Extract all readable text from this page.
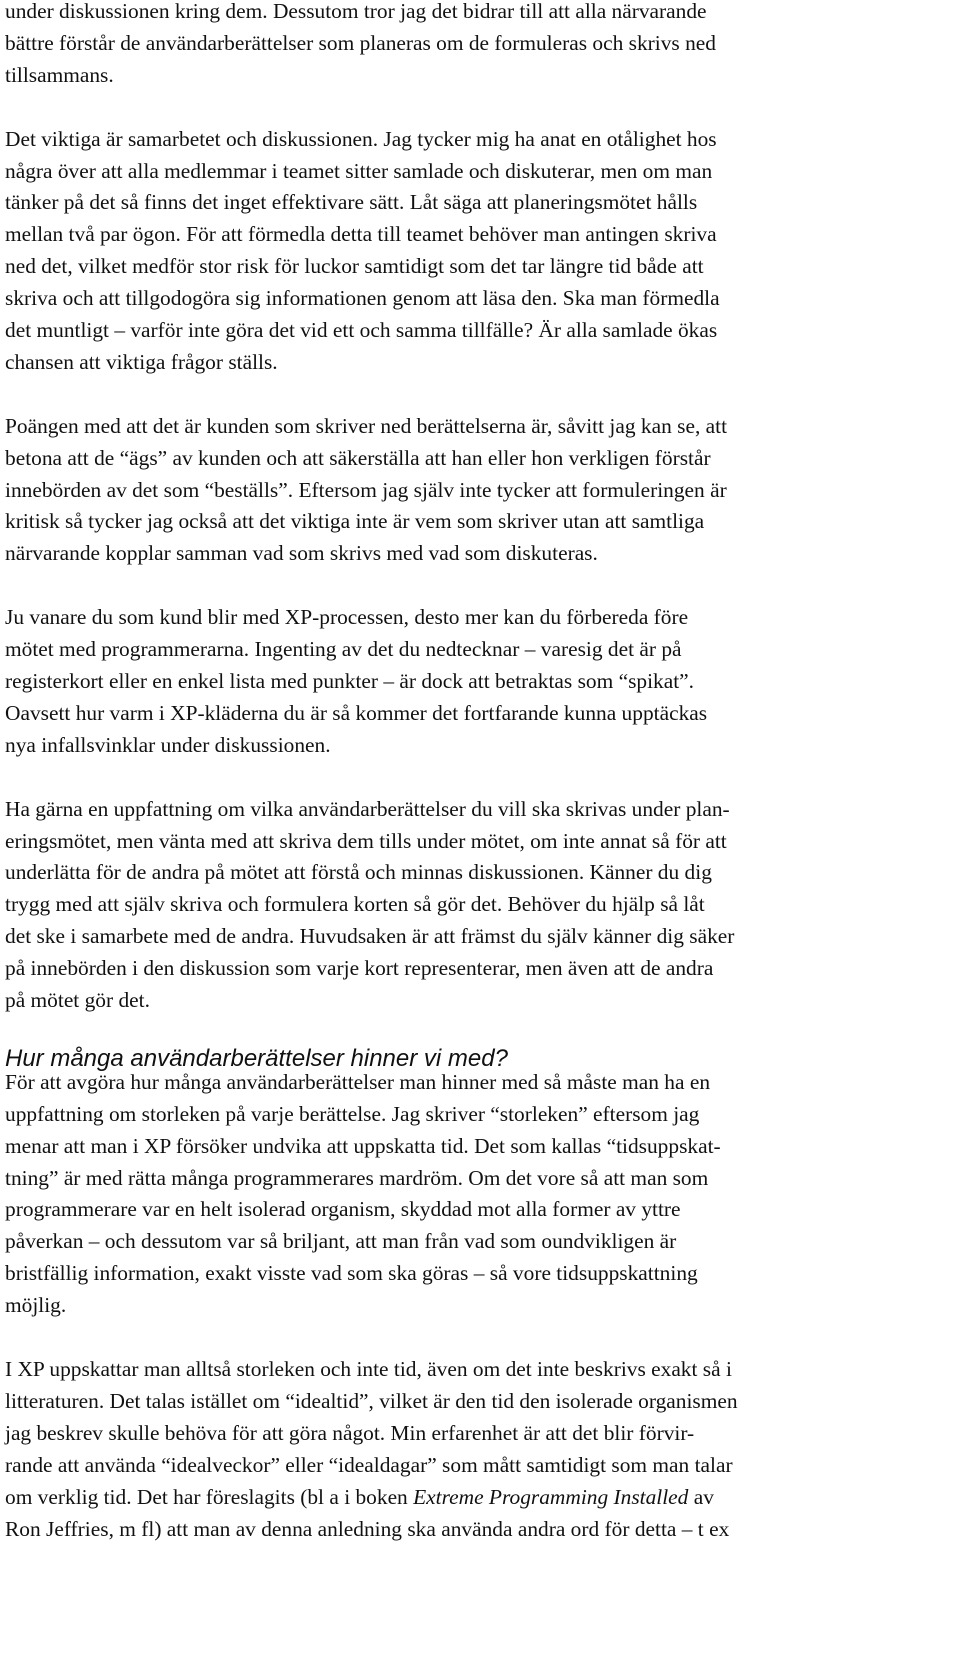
under diskussionen kring dem. Dessutom tror jag det bidrar till att alla närvarande
bättre förstår de användarberättelser som planeras om de formuleras och skrivs ned
tillsammans.

Det viktiga är samarbetet och diskussionen. Jag tycker mig ha anat en otålighet hos
några över att alla medlemmar i teamet sitter samlade och diskuterar, men om man
tänker på det så finns det inget effektivare sätt. Låt säga att planeringsmötet hålls
mellan två par ögon. För att förmedla detta till teamet behöver man antingen skriva
ned det, vilket medför stor risk för luckor samtidigt som det tar längre tid både att
skriva och att tillgodogöra sig informationen genom att läsa den. Ska man förmedla
det muntligt – varför inte göra det vid ett och samma tillfälle? Är alla samlade ökas
chansen att viktiga frågor ställs.

Poängen med att det är kunden som skriver ned berättelserna är, såvitt jag kan se, att
betona att de “ägs” av kunden och att säkerställa att han eller hon verkligen förstår
innebörden av det som “beställs”. Eftersom jag själv inte tycker att formuleringen är
kritisk så tycker jag också att det viktiga inte är vem som skriver utan att samtliga
närvarande kopplar samman vad som skrivs med vad som diskuteras.

Ju vanare du som kund blir med XP-processen, desto mer kan du förbereda före
mötet med programmerarna. Ingenting av det du nedtecknar – varesig det är på
registerkort eller en enkel lista med punkter – är dock att betraktas som “spikat”.
Oavsett hur varm i XP-kläderna du är så kommer det fortfarande kunna upptäckas
nya infallsvinklar under diskussionen.

Ha gärna en uppfattning om vilka användarberättelser du vill ska skrivas under plan-
eringsmötet, men vänta med att skriva dem tills under mötet, om inte annat så för att
underlätta för de andra på mötet att förstå och minnas diskussionen. Känner du dig
trygg med att själv skriva och formulera korten så gör det. Behöver du hjälp så låt
det ske i samarbete med de andra. Huvudsaken är att främst du själv känner dig säker
på innebörden i den diskussion som varje kort representerar, men även att de andra
på mötet gör det.

Hur många användarberättelser hinner vi med?

För att avgöra hur många användarberättelser man hinner med så måste man ha en
uppfattning om storleken på varje berättelse. Jag skriver “storleken” eftersom jag
menar att man i XP försöker undvika att uppskatta tid. Det som kallas “tidsuppskat-
tning” är med rätta många programmerares mardröm. Om det vore så att man som
programmerare var en helt isolerad organism, skyddad mot alla former av yttre
påverkan – och dessutom var så briljant, att man från vad som oundvikligen är
bristfällig information, exakt visste vad som ska göras – så vore tidsuppskattning
möjlig.

I XP uppskattar man alltså storleken och inte tid, även om det inte beskrivs exakt så i
litteraturen. Det talas istället om “idealtid”, vilket är den tid den isolerade organismen
jag beskrev skulle behöva för att göra något. Min erfarenhet är att det blir förvir-
rande att använda “idealveckor” eller “idealdagar” som mått samtidigt som man talar
om verklig tid. Det har föreslagits (bl a i boken Extreme Programming Installed av
Ron Jeffries, m fl) att man av denna anledning ska använda andra ord för detta – t ex
